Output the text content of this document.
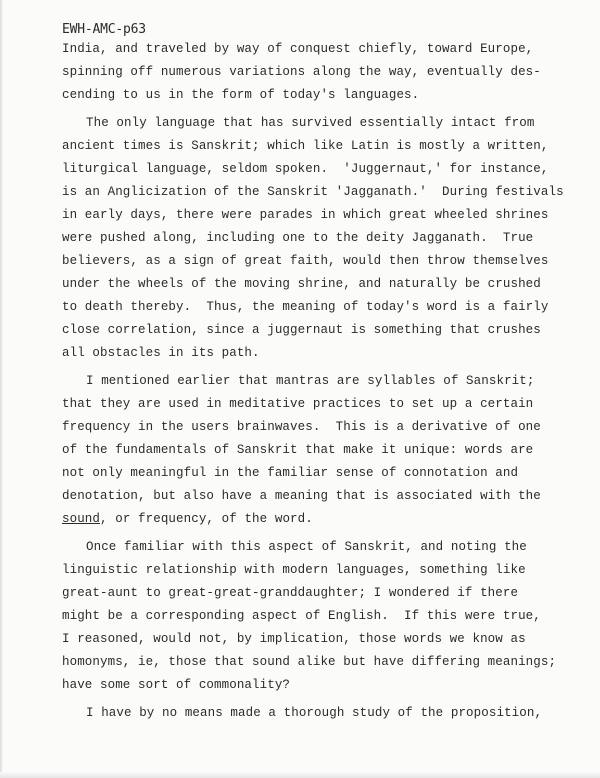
EWH-AMC-p63
India, and traveled by way of conquest chiefly, toward Europe,
spinning off numerous variations along the way, eventually des-
cending to us in the form of today's languages.
The only language that has survived essentially intact from
ancient times is Sanskrit; which like Latin is mostly a written,
liturgical language, seldom spoken.  'Juggernaut,' for instance,
is an Anglicization of the Sanskrit 'Jagganath.'  During festivals
in early days, there were parades in which great wheeled shrines
were pushed along, including one to the deity Jagganath.  True
believers, as a sign of great faith, would then throw themselves
under the wheels of the moving shrine, and naturally be crushed
to death thereby.  Thus, the meaning of today's word is a fairly
close correlation, since a juggernaut is something that crushes
all obstacles in its path.
I mentioned earlier that mantras are syllables of Sanskrit;
that they are used in meditative practices to set up a certain
frequency in the users brainwaves.  This is a derivative of one
of the fundamentals of Sanskrit that make it unique: words are
not only meaningful in the familiar sense of connotation and
denotation, but also have a meaning that is associated with the
sound, or frequency, of the word.
Once familiar with this aspect of Sanskrit, and noting the
linguistic relationship with modern languages, something like
great-aunt to great-great-granddaughter; I wondered if there
might be a corresponding aspect of English.  If this were true,
I reasoned, would not, by implication, those words we know as
homonyms, ie, those that sound alike but have differing meanings;
have some sort of commonality?
I have by no means made a thorough study of the proposition,
